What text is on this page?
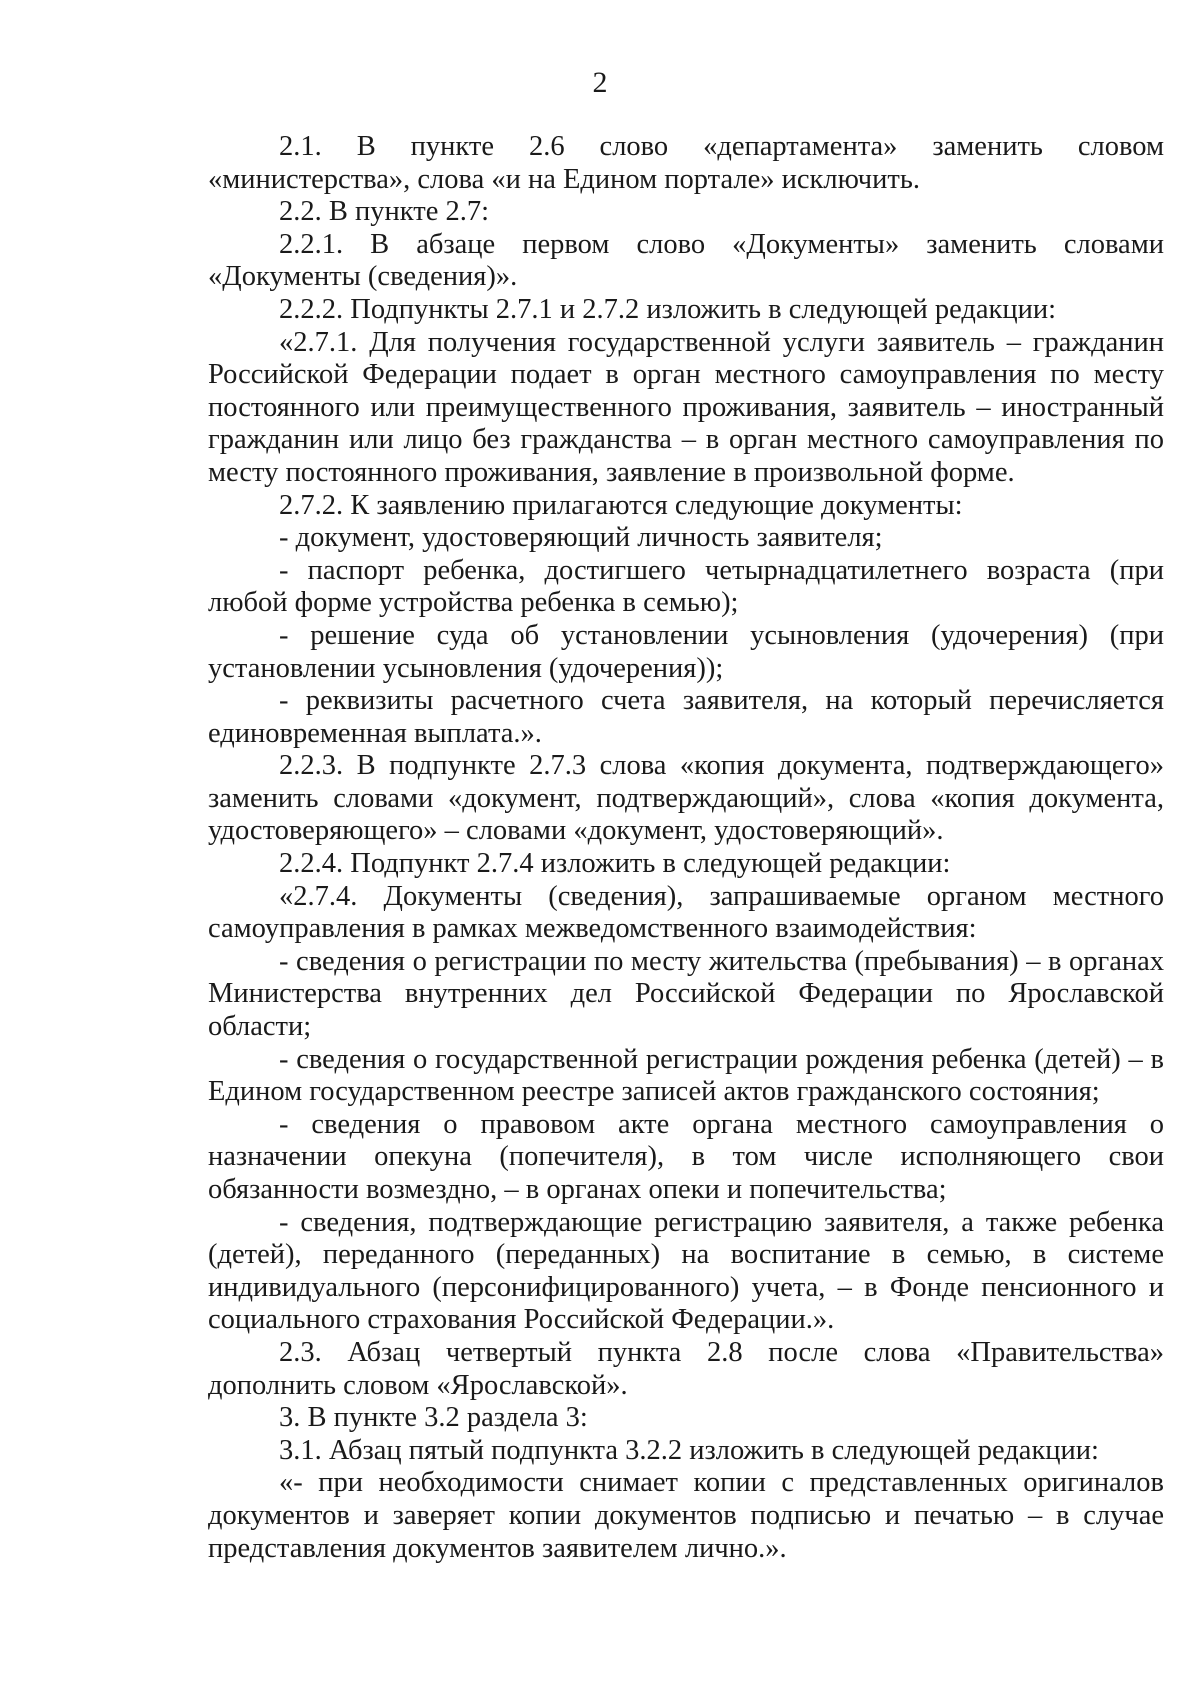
2

2.1. В пункте 2.6 слово «департамента» заменить словом «министерства», слова «и на Едином портале» исключить.

2.2. В пункте 2.7:

2.2.1. В абзаце первом слово «Документы» заменить словами «Документы (сведения)».

2.2.2. Подпункты 2.7.1 и 2.7.2 изложить в следующей редакции:

«2.7.1. Для получения государственной услуги заявитель – гражданин Российской Федерации подает в орган местного самоуправления по месту постоянного или преимущественного проживания, заявитель – иностранный гражданин или лицо без гражданства – в орган местного самоуправления по месту постоянного проживания, заявление в произвольной форме.

2.7.2. К заявлению прилагаются следующие документы:

- документ, удостоверяющий личность заявителя;

- паспорт ребенка, достигшего четырнадцатилетнего возраста (при любой форме устройства ребенка в семью);

- решение суда об установлении усыновления (удочерения) (при установлении усыновления (удочерения));

- реквизиты расчетного счета заявителя, на который перечисляется единовременная выплата.».

2.2.3. В подпункте 2.7.3 слова «копия документа, подтверждающего» заменить словами «документ, подтверждающий», слова «копия документа, удостоверяющего» – словами «документ, удостоверяющий».

2.2.4. Подпункт 2.7.4 изложить в следующей редакции:

«2.7.4. Документы (сведения), запрашиваемые органом местного самоуправления в рамках межведомственного взаимодействия:

- сведения о регистрации по месту жительства (пребывания) – в органах Министерства внутренних дел Российской Федерации по Ярославской области;

- сведения о государственной регистрации рождения ребенка (детей) – в Едином государственном реестре записей актов гражданского состояния;

- сведения о правовом акте органа местного самоуправления о назначении опекуна (попечителя), в том числе исполняющего свои обязанности возмездно, – в органах опеки и попечительства;

- сведения, подтверждающие регистрацию заявителя, а также ребенка (детей), переданного (переданных) на воспитание в семью, в системе индивидуального (персонифицированного) учета, – в Фонде пенсионного и социального страхования Российской Федерации.».

2.3. Абзац четвертый пункта 2.8 после слова «Правительства» дополнить словом «Ярославской».

3. В пункте 3.2 раздела 3:

3.1. Абзац пятый подпункта 3.2.2 изложить в следующей редакции:

«- при необходимости снимает копии с представленных оригиналов документов и заверяет копии документов подписью и печатью – в случае представления документов заявителем лично.».
